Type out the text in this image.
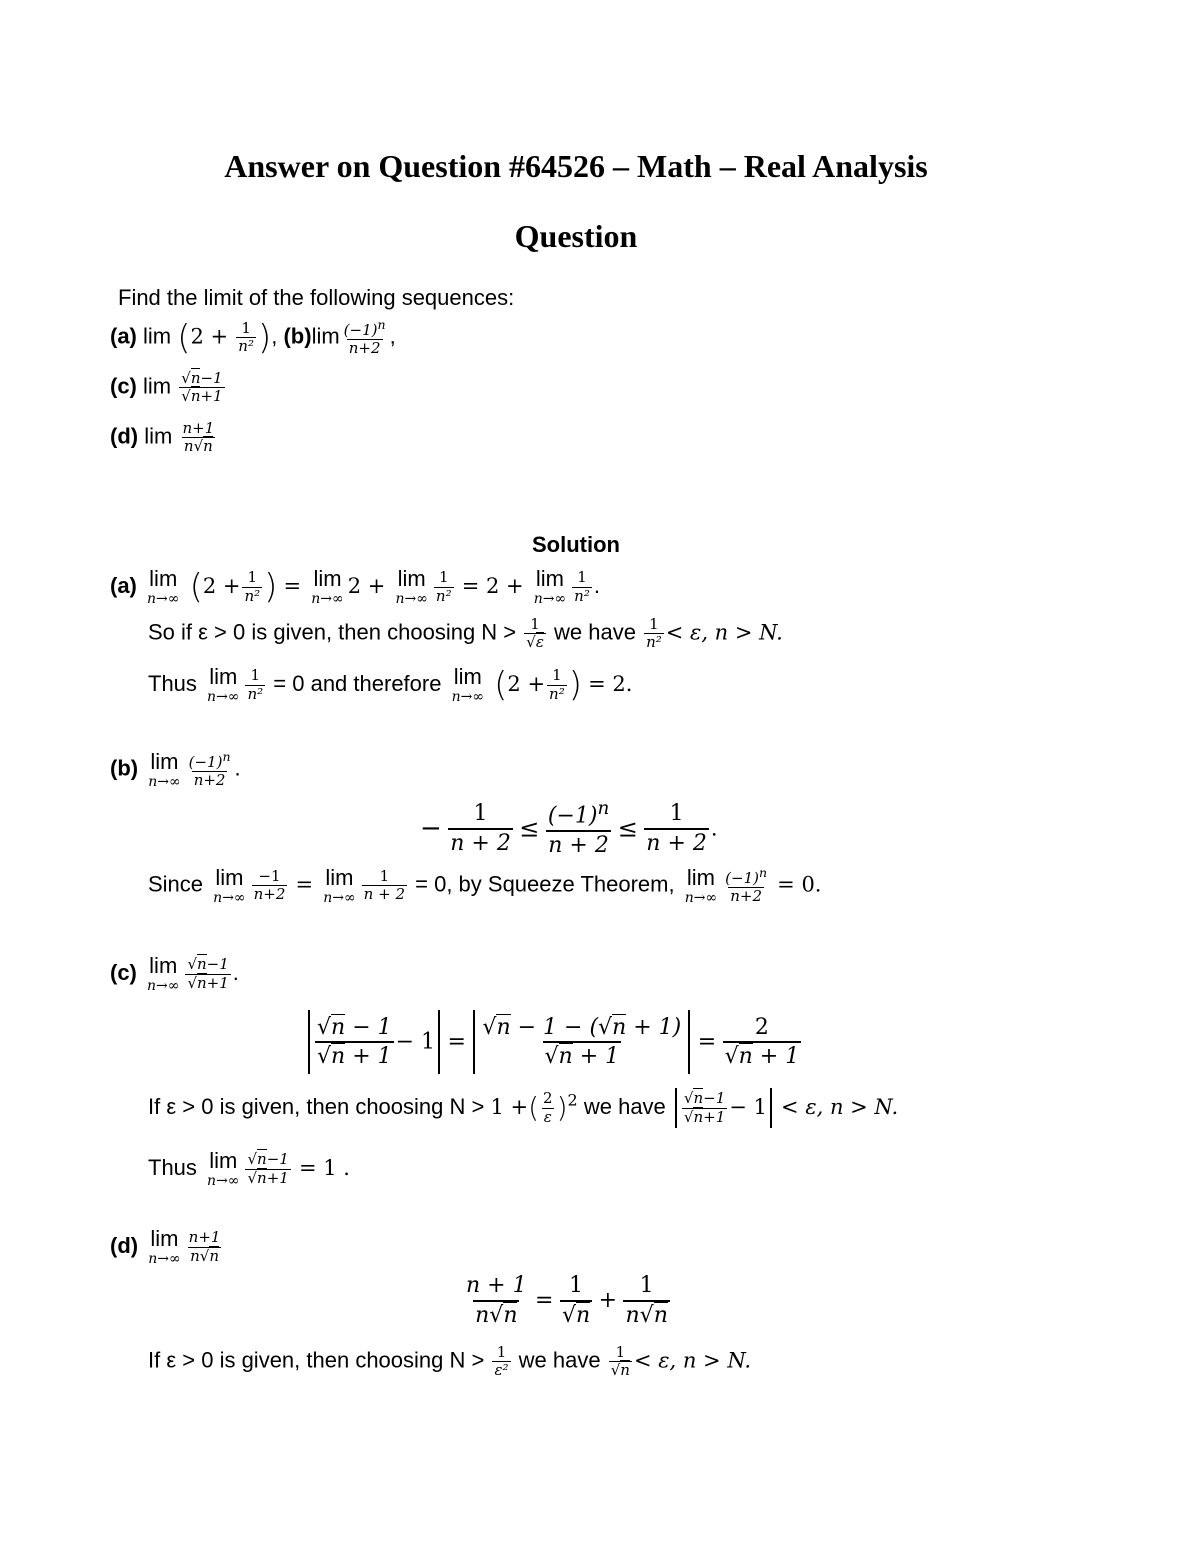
Answer on Question #64526 – Math – Real Analysis
Question
Find the limit of the following sequences:
(a) $\lim (2 + \frac{1}{\text{n²}}$ ), $(b)\lim \frac{(-1)^n}{n+2}$ ,
(c) $\lim \frac{√n-1}{√n+1}$
(d) $\lim \frac{n+1}{n√n}$
Solution
(a) lim
n→∞ ($2 + \frac{1}{\text{n²}}$ ) = lim
n→∞
2 + lim
$n\to\infty \frac{1}{\text{n²}} = 2 + \lim$
$n\to\infty \frac{1}{\text{n²}}$ .
So if ε > 0 is given, then choosing $N > \frac{1}{√\varepsilon}$ we have $\frac{1}{\text{n²}} < \varepsilon$, n > N.
Thus lim
$n\to\infty \frac{1}{\text{n²}} = 0$ and therefore lim
n→∞ ($2 + \frac{1}{\text{n²}}$ ) = 2.
(b) lim
$n\to\infty \frac{(-1)^n}{n+2}$ .
− $\frac{1}{n + 2} \le \frac{(-1)^n}{n + 2} \le \frac{1}{n + 2}$ .
Since lim
$n\to\infty \frac{-1}{n+2} = \lim$
$n\to\infty \frac{1}{n + 2} = 0$, by Squeeze Theorem, lim
$n\to\infty \frac{(-1)^n}{n+2} = 0$.
(c) lim
$n\to\infty \frac{√n-1}{√n+1}$ .
$\frac{√n - 1}{√n + 1} - 1 = \frac{√n - 1 - (√n + 1)}{√n + 1} = \frac{2}{√n + 1}$
If ε > 0 is given, then choosing N > 1 +( $\frac{2}{\varepsilon} )^2$ we have $\frac{√n-1}{√n+1} - 1 < \varepsilon$, n > N.
Thus lim
$n\to\infty \frac{√n-1}{√n+1} = 1$ .
(d) lim
$n\to\infty \frac{n+1}{n√n}$
$\frac{n + 1}{n√n} = \frac{1}{√n} + \frac{1}{n√n}$
If ε > 0 is given, then choosing $N > \frac{1}{\text{ε²}}$ we have $\frac{1}{√n} < \varepsilon$, n > N.
